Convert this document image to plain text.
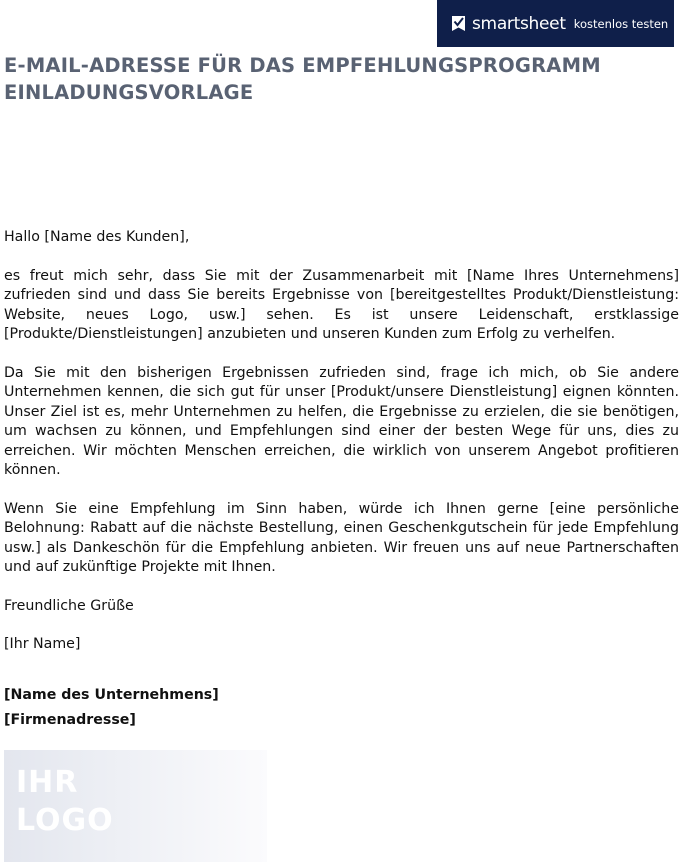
smartsheet kostenlos testen
E-MAIL-ADRESSE FÜR DAS EMPFEHLUNGSPROGRAMM
EINLADUNGSVORLAGE

Hallo [Name des Kunden],

es freut mich sehr, dass Sie mit der Zusammenarbeit mit [Name Ihres Unternehmens] zufrieden sind und dass Sie bereits Ergebnisse von [bereitgestelltes Produkt/Dienstleistung: Website, neues Logo, usw.] sehen. Es ist unsere Leidenschaft, erstklassige [Produkte/Dienstleistungen] anzubieten und unseren Kunden zum Erfolg zu verhelfen.

Da Sie mit den bisherigen Ergebnissen zufrieden sind, frage ich mich, ob Sie andere Unternehmen kennen, die sich gut für unser [Produkt/unsere Dienstleistung] eignen könnten. Unser Ziel ist es, mehr Unternehmen zu helfen, die Ergebnisse zu erzielen, die sie benötigen, um wachsen zu können, und Empfehlungen sind einer der besten Wege für uns, dies zu erreichen. Wir möchten Menschen erreichen, die wirklich von unserem Angebot profitieren können.

Wenn Sie eine Empfehlung im Sinn haben, würde ich Ihnen gerne [eine persönliche Belohnung: Rabatt auf die nächste Bestellung, einen Geschenkgutschein für jede Empfehlung usw.] als Dankeschön für die Empfehlung anbieten. Wir freuen uns auf neue Partnerschaften und auf zukünftige Projekte mit Ihnen.

Freundliche Grüße

[Ihr Name]

[Name des Unternehmens]

[Firmenadresse]

IHR
LOGO
